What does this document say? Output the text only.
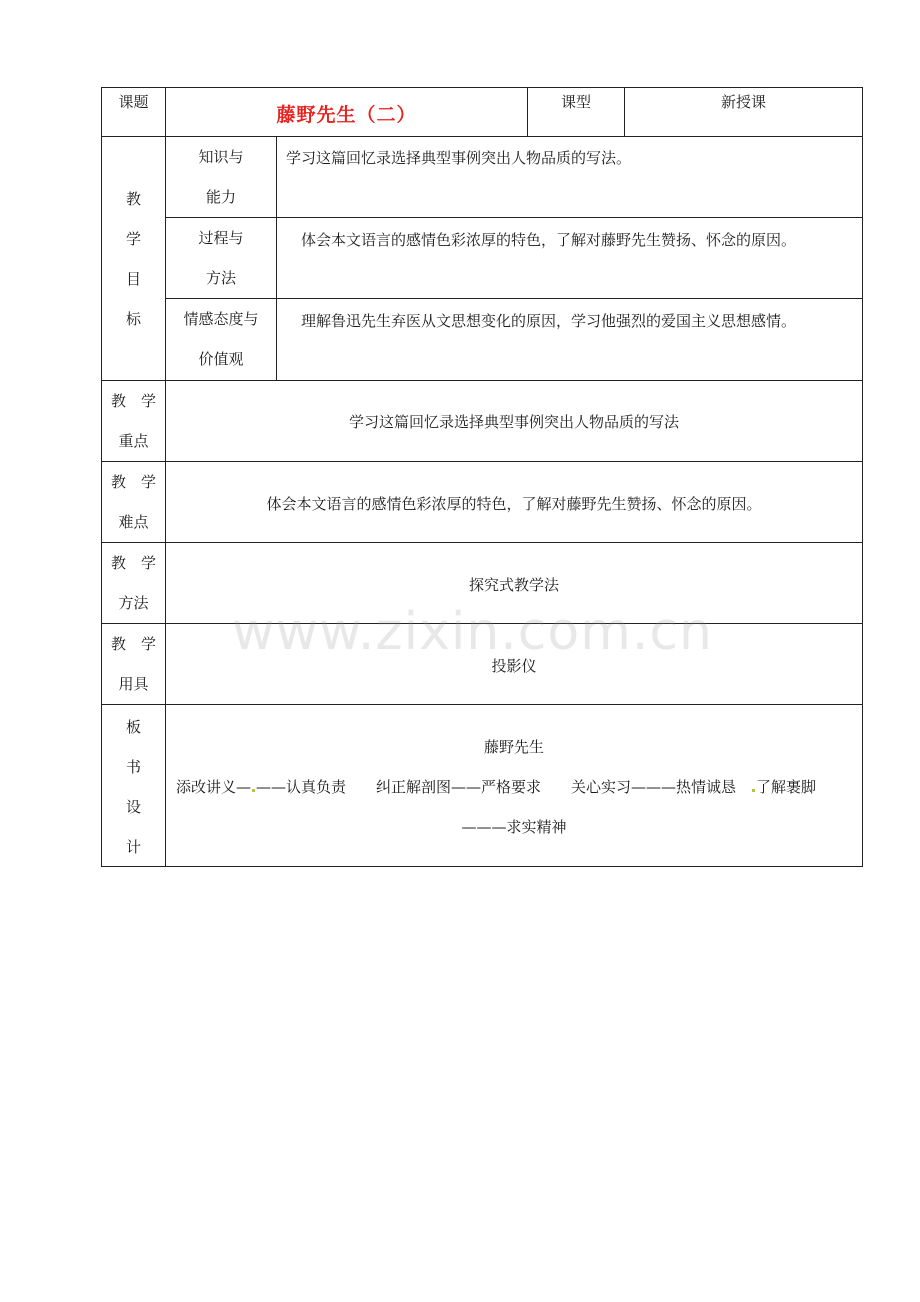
课题
藤野先生（二）
课型	新授课
教
学
目
标
知识与
能力
学习这篇回忆录选择典型事例突出人物品质的写法。
过程与
方法
体会本文语言的感情色彩浓厚的特色，了解对藤野先生赞扬、怀念的原因。
情感态度与
价值观
理解鲁迅先生弃医从文思想变化的原因，学习他强烈的爱国主义思想感情。
教　学
重点
学习这篇回忆录选择典型事例突出人物品质的写法
教　学
难点
体会本文语言的感情色彩浓厚的特色，了解对藤野先生赞扬、怀念的原因。
教　学
方法
探究式教学法
教　学
用具
投影仪
板
书
设
计
藤野先生
添改讲义— ——认真负责　　纠正解剖图——严格要求　　关心实习———热情诚恳　了解裹脚
———求实精神
www.zixin.com.cn
